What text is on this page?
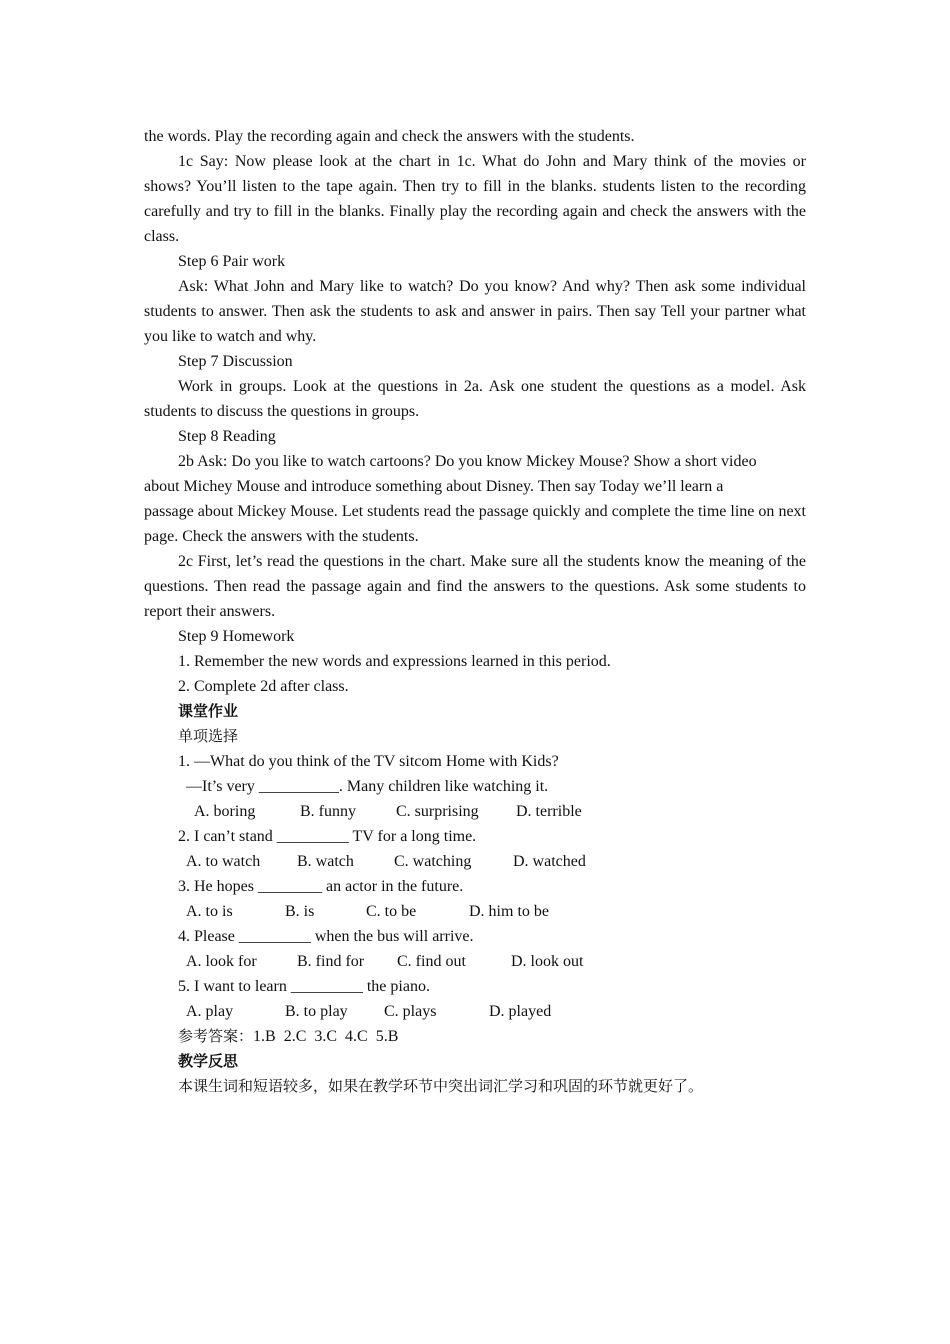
the words. Play the recording again and check the answers with the students.

1c Say: Now please look at the chart in 1c. What do John and Mary think of the movies or shows? You’ll listen to the tape again. Then try to fill in the blanks. students listen to the recording carefully and try to fill in the blanks. Finally play the recording again and check the answers with the class.

Step 6 Pair work

Ask: What John and Mary like to watch? Do you know? And why? Then ask some individual students to answer. Then ask the students to ask and answer in pairs. Then say Tell your partner what you like to watch and why.

Step 7 Discussion

Work in groups. Look at the questions in 2a. Ask one student the questions as a model. Ask students to discuss the questions in groups.

Step 8 Reading

2b Ask: Do you like to watch cartoons? Do you know Mickey Mouse? Show a short video

about Michey Mouse and introduce something about Disney. Then say Today we’ll learn a

passage about Mickey Mouse. Let students read the passage quickly and complete the time line on next page. Check the answers with the students.

2c First, let’s read the questions in the chart. Make sure all the students know the meaning of the questions. Then read the passage again and find the answers to the questions. Ask some students to report their answers.

Step 9 Homework

1. Remember the new words and expressions learned in this period.

2. Complete 2d after class.

课堂作业

单项选择

1. —What do you think of the TV sitcom Home with Kids?

—It’s very __________. Many children like watching it.

A. boring	B. funny	C. surprising	D. terrible

2. I can’t stand _________ TV for a long time.

A. to watch	B. watch	C. watching	D. watched

3. He hopes ________ an actor in the future.

A. to is	B. is	C. to be	D. him to be

4. Please _________ when the bus will arrive.

A. look for	B. find for	C. find out	D. look out

5. I want to learn _________ the piano.

A. play	B. to play	C. plays	D. played

参考答案：1.B  2.C  3.C  4.C  5.B

教学反思

本课生词和短语较多，如果在教学环节中突出词汇学习和巩固的环节就更好了。
